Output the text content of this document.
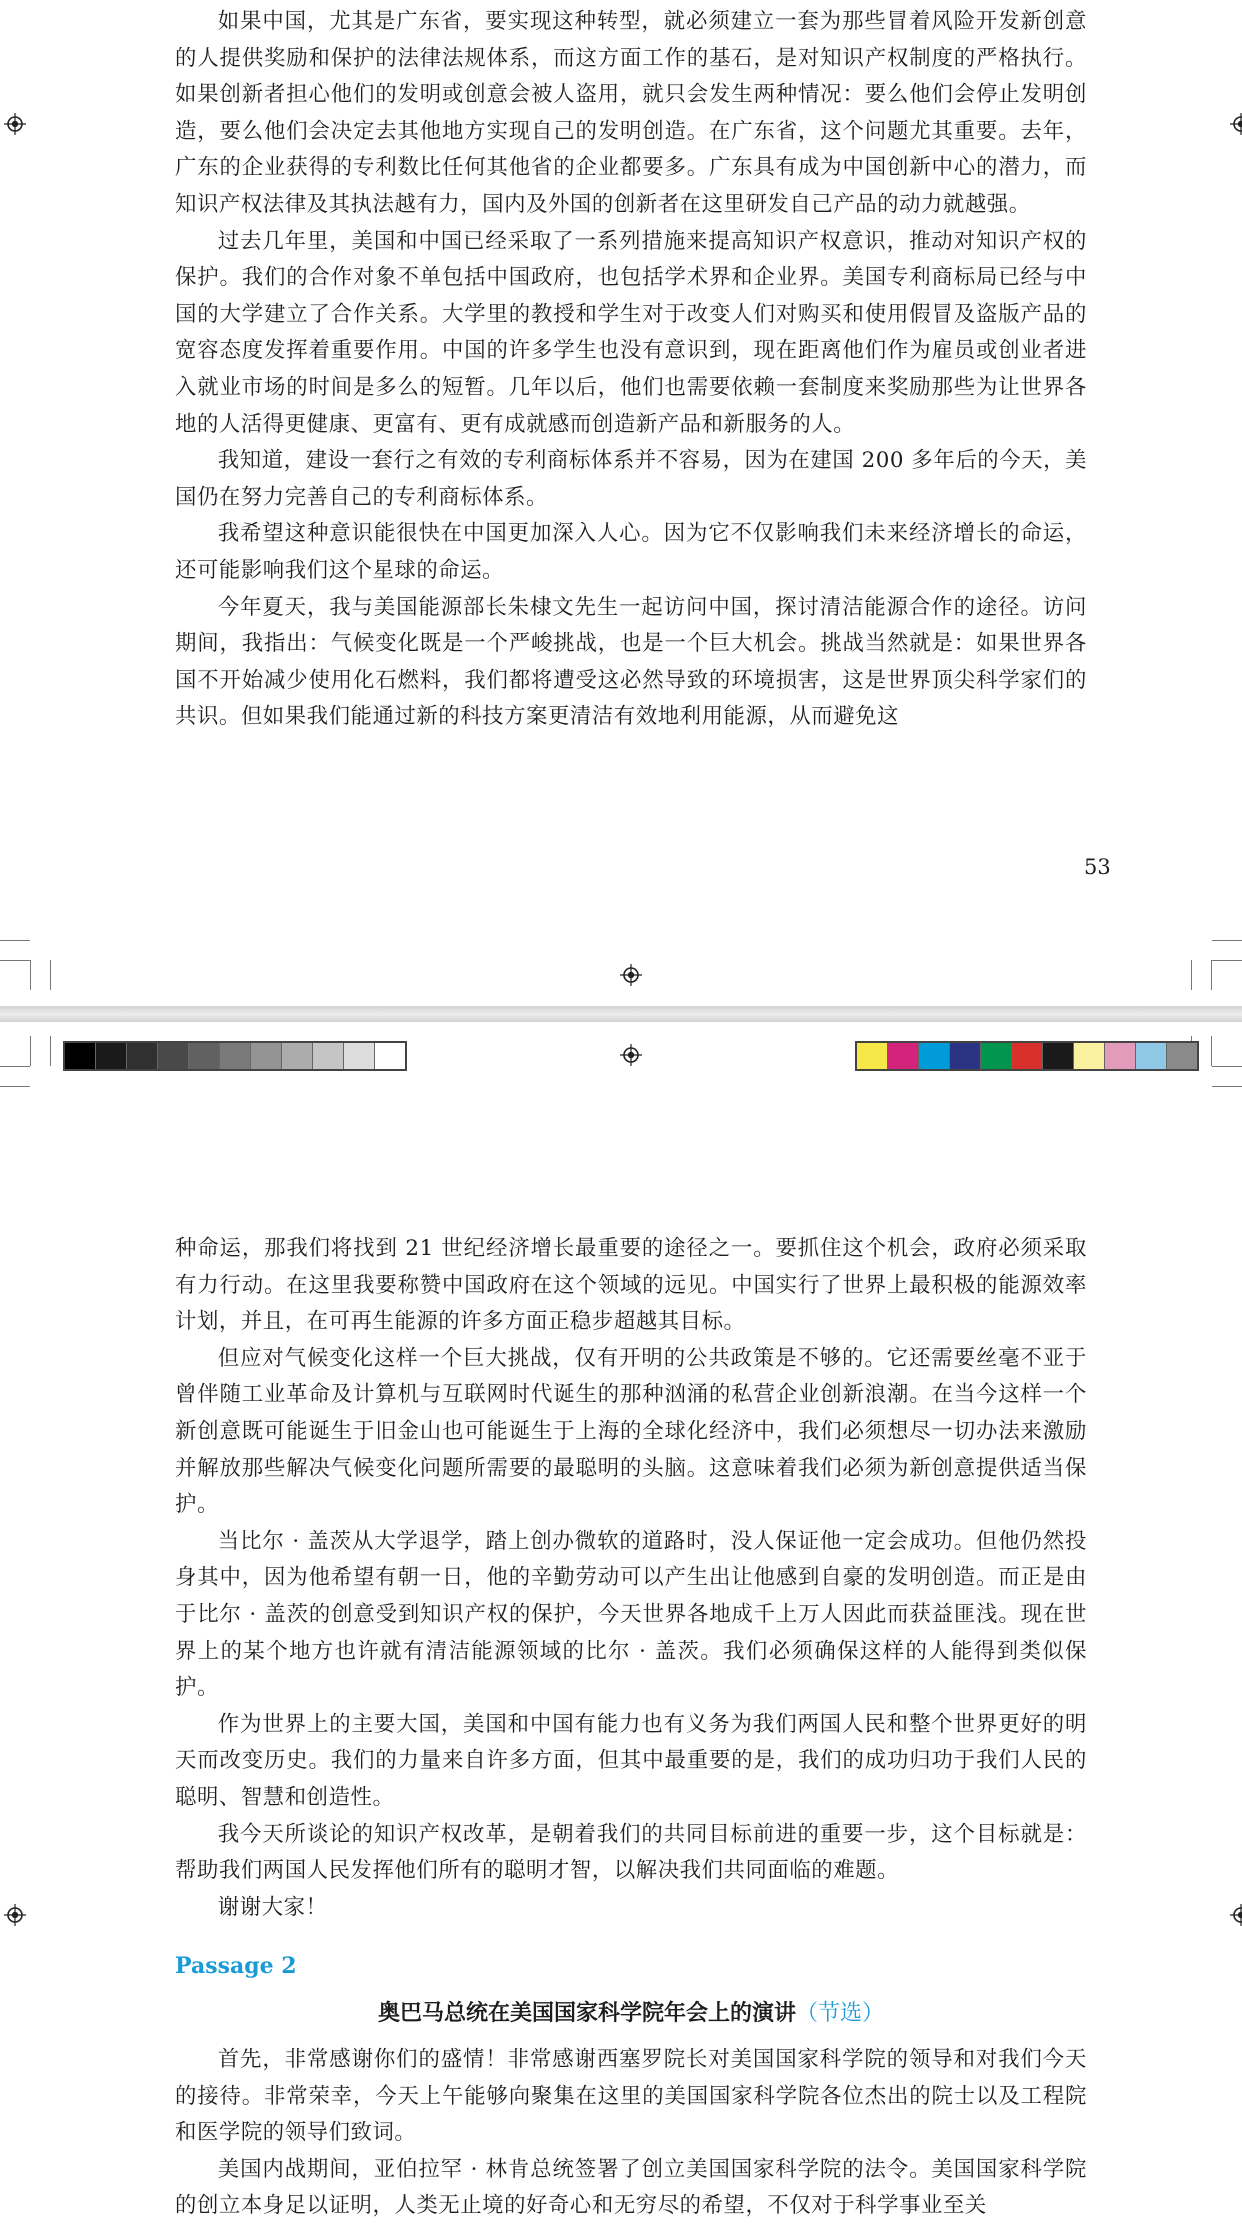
如果中国，尤其是广东省，要实现这种转型，就必须建立一套为那些冒着风险开发新创意的人提供奖励和保护的法律法规体系，而这方面工作的基石，是对知识产权制度的严格执行。如果创新者担心他们的发明或创意会被人盗用，就只会发生两种情况：要么他们会停止发明创造，要么他们会决定去其他地方实现自己的发明创造。在广东省，这个问题尤其重要。去年，广东的企业获得的专利数比任何其他省的企业都要多。广东具有成为中国创新中心的潜力，而知识产权法律及其执法越有力，国内及外国的创新者在这里研发自己产品的动力就越强。

过去几年里，美国和中国已经采取了一系列措施来提高知识产权意识，推动对知识产权的保护。我们的合作对象不单包括中国政府，也包括学术界和企业界。美国专利商标局已经与中国的大学建立了合作关系。大学里的教授和学生对于改变人们对购买和使用假冒及盗版产品的宽容态度发挥着重要作用。中国的许多学生也没有意识到，现在距离他们作为雇员或创业者进入就业市场的时间是多么的短暂。几年以后，他们也需要依赖一套制度来奖励那些为让世界各地的人活得更健康、更富有、更有成就感而创造新产品和新服务的人。

我知道，建设一套行之有效的专利商标体系并不容易，因为在建国 200 多年后的今天，美国仍在努力完善自己的专利商标体系。

我希望这种意识能很快在中国更加深入人心。因为它不仅影响我们未来经济增长的命运，还可能影响我们这个星球的命运。

今年夏天，我与美国能源部长朱棣文先生一起访问中国，探讨清洁能源合作的途径。访问期间，我指出：气候变化既是一个严峻挑战，也是一个巨大机会。挑战当然就是：如果世界各国不开始减少使用化石燃料，我们都将遭受这必然导致的环境损害，这是世界顶尖科学家们的共识。但如果我们能通过新的科技方案更清洁有效地利用能源，从而避免这

53

种命运，那我们将找到 21 世纪经济增长最重要的途径之一。要抓住这个机会，政府必须采取有力行动。在这里我要称赞中国政府在这个领域的远见。中国实行了世界上最积极的能源效率计划，并且，在可再生能源的许多方面正稳步超越其目标。

但应对气候变化这样一个巨大挑战，仅有开明的公共政策是不够的。它还需要丝毫不亚于曾伴随工业革命及计算机与互联网时代诞生的那种汹涌的私营企业创新浪潮。在当今这样一个新创意既可能诞生于旧金山也可能诞生于上海的全球化经济中，我们必须想尽一切办法来激励并解放那些解决气候变化问题所需要的最聪明的头脑。这意味着我们必须为新创意提供适当保护。

当比尔 · 盖茨从大学退学，踏上创办微软的道路时，没人保证他一定会成功。但他仍然投身其中，因为他希望有朝一日，他的辛勤劳动可以产生出让他感到自豪的发明创造。而正是由于比尔 · 盖茨的创意受到知识产权的保护，今天世界各地成千上万人因此而获益匪浅。现在世界上的某个地方也许就有清洁能源领域的比尔 · 盖茨。我们必须确保这样的人能得到类似保护。

作为世界上的主要大国，美国和中国有能力也有义务为我们两国人民和整个世界更好的明天而改变历史。我们的力量来自许多方面，但其中最重要的是，我们的成功归功于我们人民的聪明、智慧和创造性。

我今天所谈论的知识产权改革，是朝着我们的共同目标前进的重要一步，这个目标就是：帮助我们两国人民发挥他们所有的聪明才智，以解决我们共同面临的难题。

谢谢大家！

Passage 2
奥巴马总统在美国国家科学院年会上的演讲（节选）

首先，非常感谢你们的盛情！非常感谢西塞罗院长对美国国家科学院的领导和对我们今天的接待。非常荣幸，今天上午能够向聚集在这里的美国国家科学院各位杰出的院士以及工程院和医学院的领导们致词。

美国内战期间，亚伯拉罕 · 林肯总统签署了创立美国国家科学院的法令。美国国家科学院的创立本身足以证明，人类无止境的好奇心和无穷尽的希望，不仅对于科学事业至关
